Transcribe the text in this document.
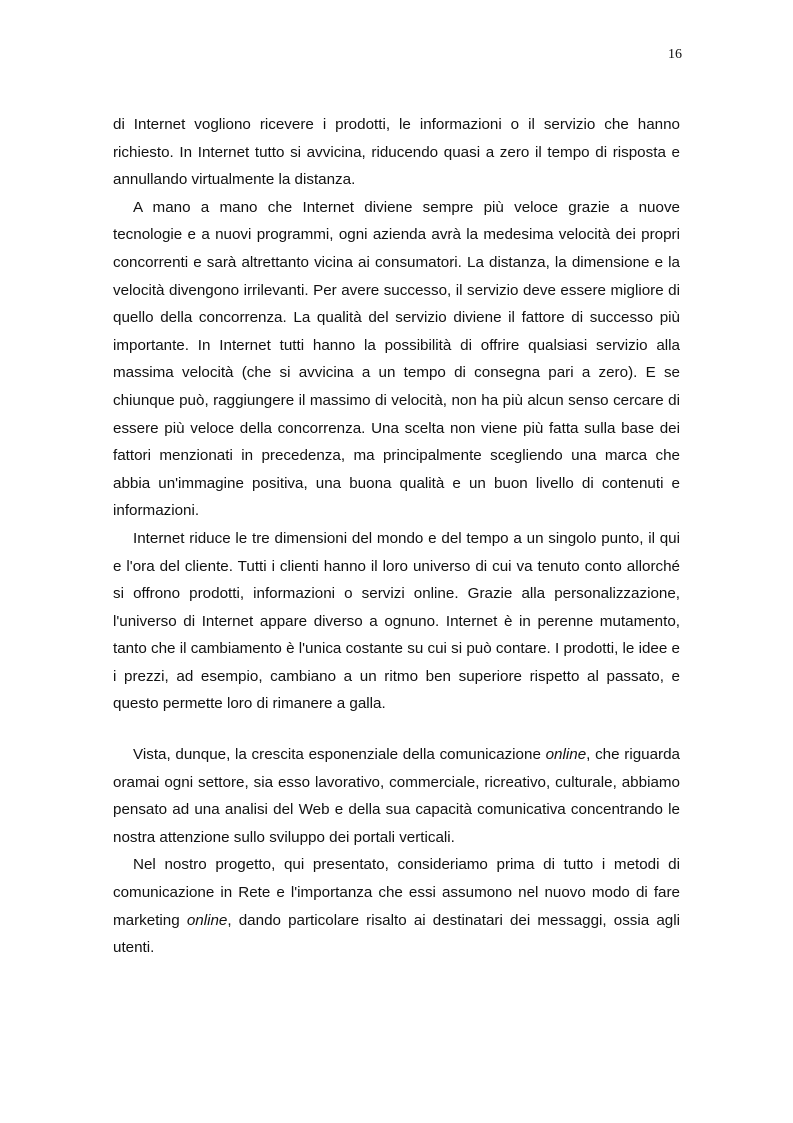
16

di Internet vogliono ricevere i prodotti, le informazioni o il servizio che hanno richiesto. In Internet tutto si avvicina, riducendo quasi a zero il tempo di risposta e annullando virtualmente la distanza.

A mano a mano che Internet diviene sempre più veloce grazie a nuove tecnologie e a nuovi programmi, ogni azienda avrà la medesima velocità dei propri concorrenti e sarà altrettanto vicina ai consumatori. La distanza, la dimensione e la velocità divengono irrilevanti. Per avere successo, il servizio deve essere migliore di quello della concorrenza. La qualità del servizio diviene il fattore di successo più importante. In Internet tutti hanno la possibilità di offrire qualsiasi servizio alla massima velocità (che si avvicina a un tempo di consegna pari a zero). E se chiunque può, raggiungere il massimo di velocità, non ha più alcun senso cercare di essere più veloce della concorrenza. Una scelta non viene più fatta sulla base dei fattori menzionati in precedenza, ma principalmente scegliendo una marca che abbia un'immagine positiva, una buona qualità e un buon livello di contenuti e informazioni.

Internet riduce le tre dimensioni del mondo e del tempo a un singolo punto, il qui e l'ora del cliente. Tutti i clienti hanno il loro universo di cui va tenuto conto allorché si offrono prodotti, informazioni o servizi online. Grazie alla personalizzazione, l'universo di Internet appare diverso a ognuno. Internet è in perenne mutamento, tanto che il cambiamento è l'unica costante su cui si può contare. I prodotti, le idee e i prezzi, ad esempio, cambiano a un ritmo ben superiore rispetto al passato, e questo permette loro di rimanere a galla.

Vista, dunque, la crescita esponenziale della comunicazione online, che riguarda oramai ogni settore, sia esso lavorativo, commerciale, ricreativo, culturale, abbiamo pensato ad una analisi del Web e della sua capacità comunicativa concentrando le nostra attenzione sullo sviluppo dei portali verticali.

Nel nostro progetto, qui presentato, consideriamo prima di tutto i metodi di comunicazione in Rete e l'importanza che essi assumono nel nuovo modo di fare marketing online, dando particolare risalto ai destinatari dei messaggi, ossia agli utenti.
